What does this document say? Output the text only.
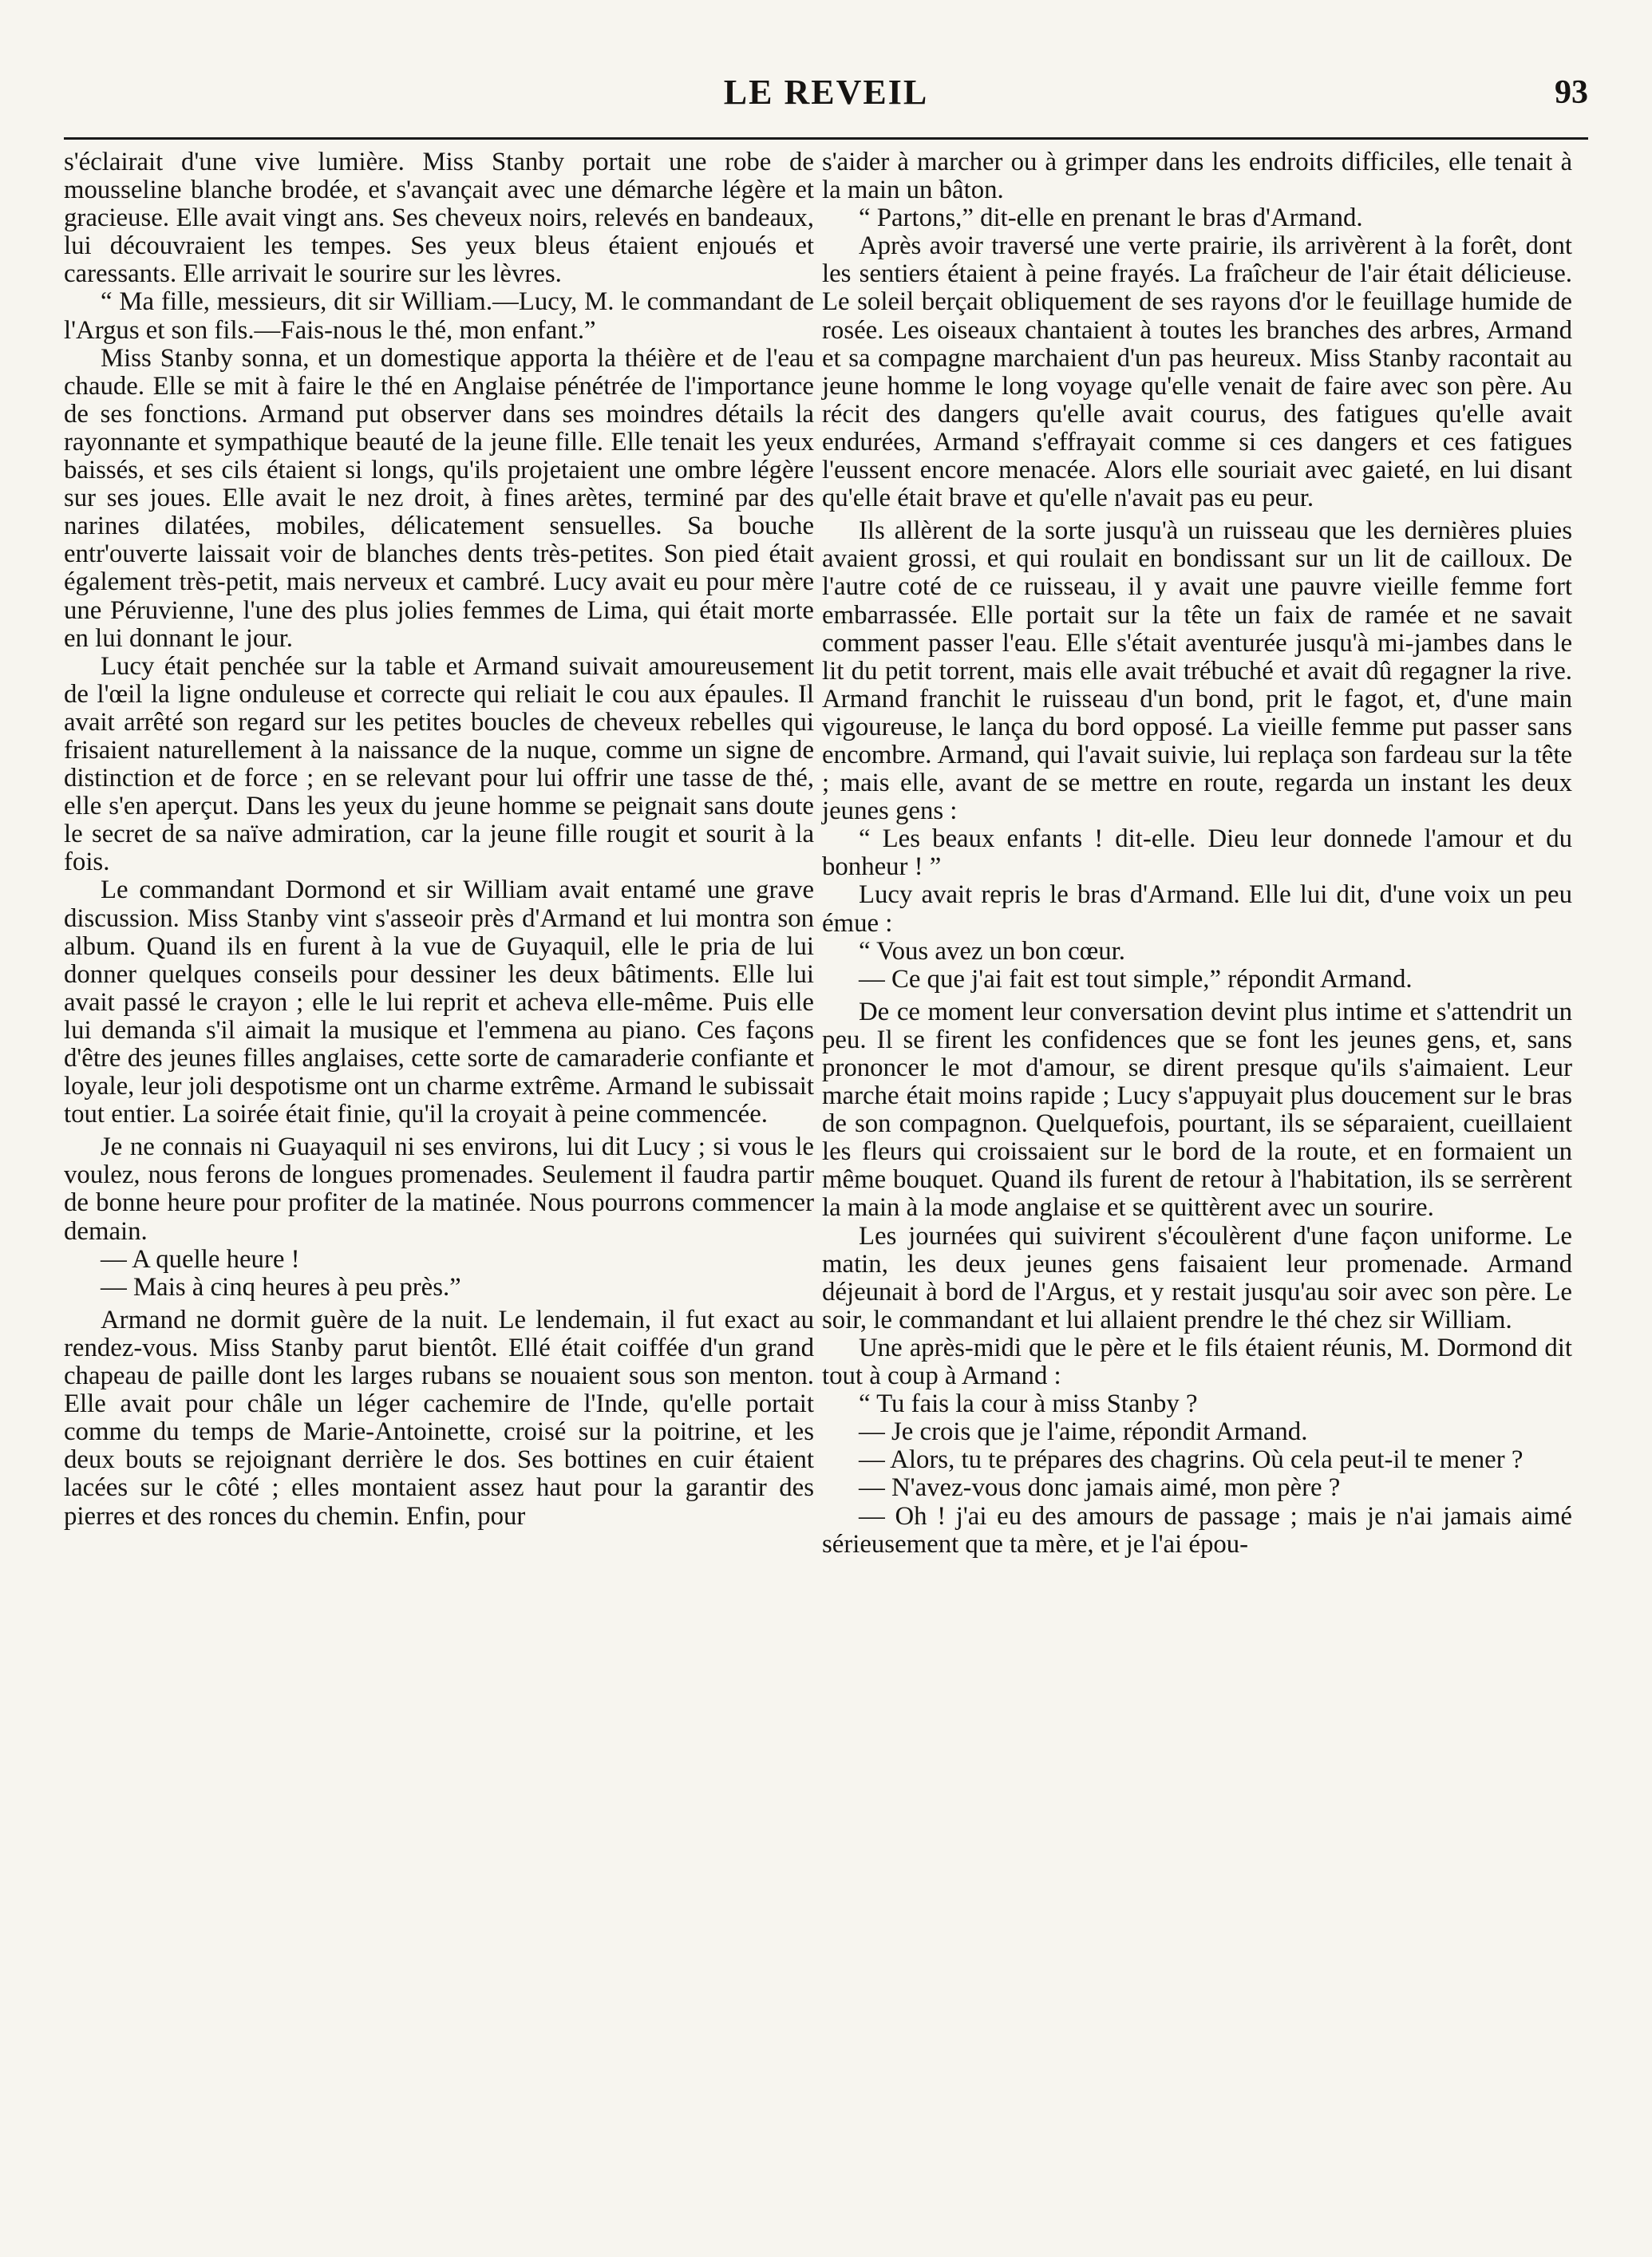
LE REVEIL	93

s'éclairait d'une vive lumière. Miss Stanby portait une robe de mousseline blanche brodée, et s'avançait avec une démarche légère et gracieuse. Elle avait vingt ans. Ses cheveux noirs, relevés en bandeaux, lui découvraient les tempes. Ses yeux bleus étaient enjoués et caressants. Elle arrivait le sourire sur les lèvres.

“ Ma fille, messieurs, dit sir William.—Lucy, M. le commandant de l'Argus et son fils.—Fais-nous le thé, mon enfant.”

Miss Stanby sonna, et un domestique apporta la théière et de l'eau chaude. Elle se mit à faire le thé en Anglaise pénétrée de l'importance de ses fonctions. Armand put observer dans ses moindres détails la rayonnante et sympathique beauté de la jeune fille. Elle tenait les yeux baissés, et ses cils étaient si longs, qu'ils projetaient une ombre légère sur ses joues. Elle avait le nez droit, à fines arètes, terminé par des narines dilatées, mobiles, délicatement sensuelles. Sa bouche entr'ouverte laissait voir de blanches dents très-petites. Son pied était également très-petit, mais nerveux et cambré. Lucy avait eu pour mère une Péruvienne, l'une des plus jolies femmes de Lima, qui était morte en lui donnant le jour.

Lucy était penchée sur la table et Armand suivait amoureusement de l'œil la ligne onduleuse et correcte qui reliait le cou aux épaules. Il avait arrêté son regard sur les petites boucles de cheveux rebelles qui frisaient naturellement à la naissance de la nuque, comme un signe de distinction et de force ; en se relevant pour lui offrir une tasse de thé, elle s'en aperçut. Dans les yeux du jeune homme se peignait sans doute le secret de sa naïve admiration, car la jeune fille rougit et sourit à la fois.

Le commandant Dormond et sir William avait entamé une grave discussion. Miss Stanby vint s'asseoir près d'Armand et lui montra son album. Quand ils en furent à la vue de Guyaquil, elle le pria de lui donner quelques conseils pour dessiner les deux bâtiments. Elle lui avait passé le crayon ; elle le lui reprit et acheva elle-même. Puis elle lui demanda s'il aimait la musique et l'emmena au piano. Ces façons d'être des jeunes filles anglaises, cette sorte de camaraderie confiante et loyale, leur joli despotisme ont un charme extrême. Armand le subissait tout entier. La soirée était finie, qu'il la croyait à peine commencée.

Je ne connais ni Guayaquil ni ses environs, lui dit Lucy ; si vous le voulez, nous ferons de longues promenades. Seulement il faudra partir de bonne heure pour profiter de la matinée. Nous pourrons commencer demain.

— A quelle heure !

— Mais à cinq heures à peu près.”

Armand ne dormit guère de la nuit. Le lendemain, il fut exact au rendez-vous. Miss Stanby parut bientôt. Ellé était coiffée d'un grand chapeau de paille dont les larges rubans se nouaient sous son menton. Elle avait pour châle un léger cachemire de l'Inde, qu'elle portait comme du temps de Marie-Antoinette, croisé sur la poitrine, et les deux bouts se rejoignant derrière le dos. Ses bottines en cuir étaient lacées sur le côté ; elles montaient assez haut pour la garantir des pierres et des ronces du chemin. Enfin, pour

s'aider à marcher ou à grimper dans les endroits difficiles, elle tenait à la main un bâton.

“ Partons,” dit-elle en prenant le bras d'Armand.

Après avoir traversé une verte prairie, ils arrivèrent à la forêt, dont les sentiers étaient à peine frayés. La fraîcheur de l'air était délicieuse. Le soleil berçait obliquement de ses rayons d'or le feuillage humide de rosée. Les oiseaux chantaient à toutes les branches des arbres, Armand et sa compagne marchaient d'un pas heureux. Miss Stanby racontait au jeune homme le long voyage qu'elle venait de faire avec son père. Au récit des dangers qu'elle avait courus, des fatigues qu'elle avait endurées, Armand s'effrayait comme si ces dangers et ces fatigues l'eussent encore menacée. Alors elle souriait avec gaieté, en lui disant qu'elle était brave et qu'elle n'avait pas eu peur.

Ils allèrent de la sorte jusqu'à un ruisseau que les dernières pluies avaient grossi, et qui roulait en bondissant sur un lit de cailloux. De l'autre coté de ce ruisseau, il y avait une pauvre vieille femme fort embarrassée. Elle portait sur la tête un faix de ramée et ne savait comment passer l'eau. Elle s'était aventurée jusqu'à mi-jambes dans le lit du petit torrent, mais elle avait trébuché et avait dû regagner la rive. Armand franchit le ruisseau d'un bond, prit le fagot, et, d'une main vigoureuse, le lança du bord opposé. La vieille femme put passer sans encombre. Armand, qui l'avait suivie, lui replaça son fardeau sur la tête ; mais elle, avant de se mettre en route, regarda un instant les deux jeunes gens :

“ Les beaux enfants ! dit-elle. Dieu leur donnede l'amour et du bonheur ! ”

Lucy avait repris le bras d'Armand. Elle lui dit, d'une voix un peu émue :

“ Vous avez un bon cœur.

— Ce que j'ai fait est tout simple,” répondit Armand.

De ce moment leur conversation devint plus intime et s'attendrit un peu. Il se firent les confidences que se font les jeunes gens, et, sans prononcer le mot d'amour, se dirent presque qu'ils s'aimaient. Leur marche était moins rapide ; Lucy s'appuyait plus doucement sur le bras de son compagnon. Quelquefois, pourtant, ils se séparaient, cueillaient les fleurs qui croissaient sur le bord de la route, et en formaient un même bouquet. Quand ils furent de retour à l'habitation, ils se serrèrent la main à la mode anglaise et se quittèrent avec un sourire.

Les journées qui suivirent s'écoulèrent d'une façon uniforme. Le matin, les deux jeunes gens faisaient leur promenade. Armand déjeunait à bord de l'Argus, et y restait jusqu'au soir avec son père. Le soir, le commandant et lui allaient prendre le thé chez sir William.

Une après-midi que le père et le fils étaient réunis, M. Dormond dit tout à coup à Armand :

“ Tu fais la cour à miss Stanby ?

— Je crois que je l'aime, répondit Armand.

— Alors, tu te prépares des chagrins. Où cela peut-il te mener ?

— N'avez-vous donc jamais aimé, mon père ?

— Oh ! j'ai eu des amours de passage ; mais je n'ai jamais aimé sérieusement que ta mère, et je l'ai épou-
